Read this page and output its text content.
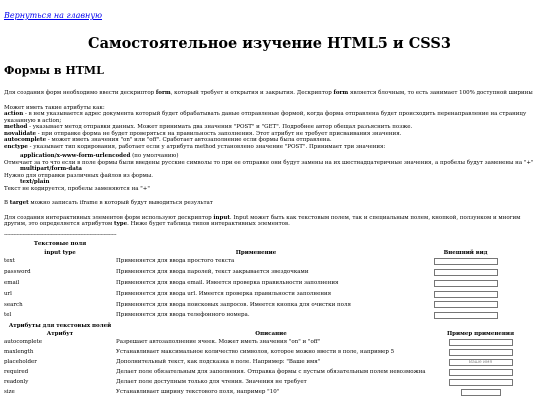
Вернуться на главную
Самостоятельное изучение HTML5 и CSS3
Формы в HTML
Для создания форм необходимо ввести дескриптор form, который требует и открытия и закрытия. Дескриптор form является блочным, то есть занимает 100% доступной ширины
Может иметь такие атрибуты как:
action - в нем указывается адрес документа который будет обрабатывать даные отправленые формой, когда форма отправлена будет происходить перенаправление на страницу указанную в action;
method - указывает метод отправки данных. Может принимать два значения "POST" и "GET". Подробнее автор обещал разъяснить позже.
novalidate - при отправке форма не будет проверяться на правильность заполнения. Этот атрибут не требует присваивания значения.
autocomplete - может иметь значения "on" или "off". Сработает автозаполнение если формы была отправлена.
enctype - указывает тип кодирования, работает если у атрибута method установлено значение "POST". Принимает три значения:
application/x-www-form-urlencoded (по умолчанию)
Отмечает за то что если в поле формы были введены русские символы то при ее отправке они будут замены на их шестнадцатеричные значения, а пробелы будут заменены на "+"
multipart/form-data
Нужно для отправки различных файлов из формы.
text/plain
Текст не кодируется, пробелы заменяются на "+"
В target можно записать iframe в который будут выводиться результат
Для создания интерактивных элементов форм используют дескриптор input. Input может быть как текстовым полем, так и специальным полем, кнопкой, ползунком и многим другим, это определяется атрибутом type. Ниже будет таблица типов интерактивных элементов.
------------------------------------------------------------------------
Текстовые поля		
input type	Применение	Внешний вид
text	Применяется для ввода простого текста	

password	Применяется для ввода паролей, текст закрывается звездочками	

email	Применяется для ввода email. Имеется проверка правильности заполнения	

url	Применяется для ввода url. Имеется проверка правильности заполнения	

search	Применяется для ввода поисковых запросов. Имеется кнопка для очистки поля	

tel	Применяется для ввода телефонного номера.	
Атрибуты для текстовых полей		
Атрибут	Описание	Пример применения
autocomplete	Разрешает автозаполнение ячеек. Может иметь значения "on" и "off"	

maxlength	Устанавливает максимальное количество символов, которое можно ввести в поле, например 5	

placeholder	Дополнительный текст, как подсказка в поле. Например: "Ваше имя"	Ваше имя

required	Делает поле обязательным для заполнения. Отправка формы с пустым обязательным полем невозможна	

readonly	Делает поле доступным только для чтения. Значения не требует	

size	Устанавливает ширину текстового поля, например "10"	
